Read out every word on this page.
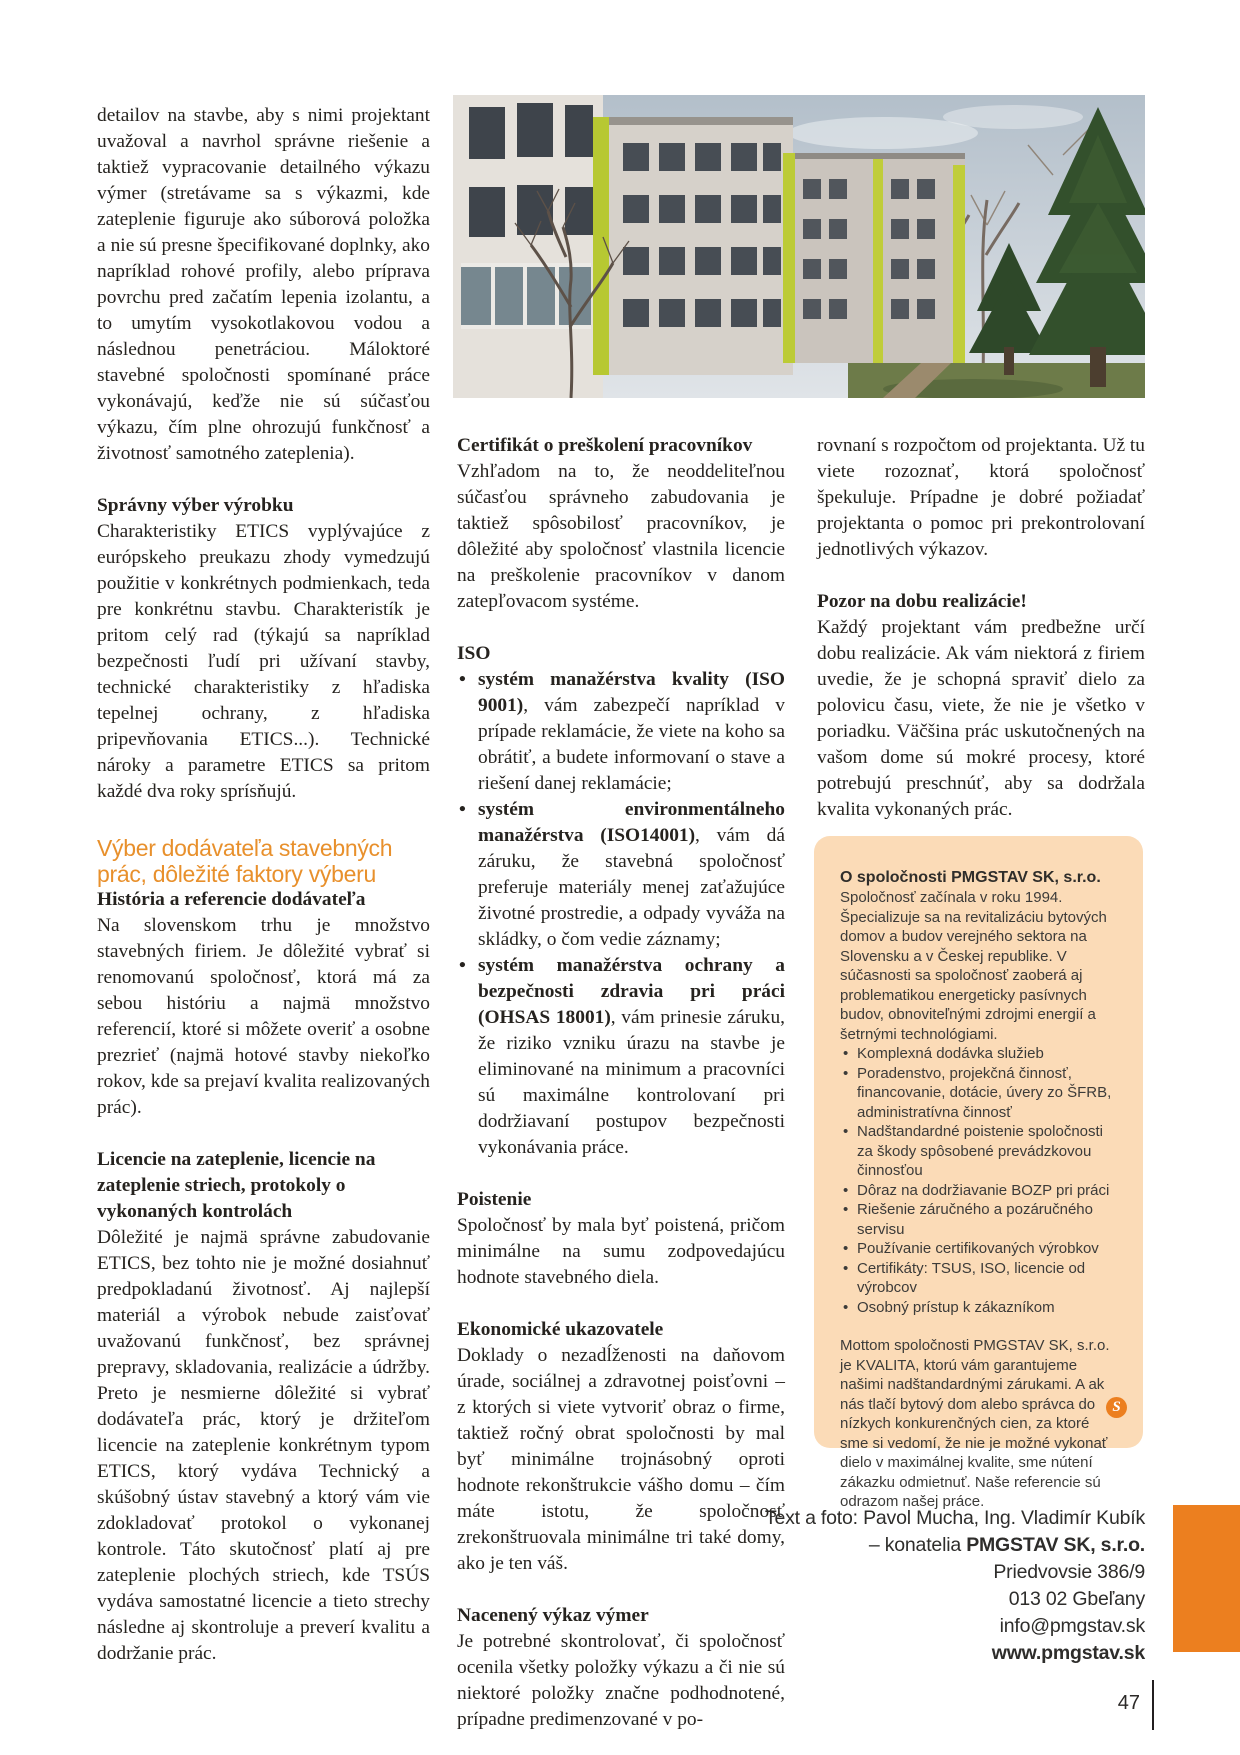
detailov na stavbe, aby s nimi projektant uvažoval a navrhol správne riešenie a taktiež vypracovanie detailného výkazu výmer (stretávame sa s výkazmi, kde zateplenie figuruje ako súborová položka a nie sú presne špecifikované doplnky, ako napríklad rohové profily, alebo príprava povrchu pred začatím lepenia izolantu, a to umytím vysokotlakovou vodou a následnou penetráciou. Máloktoré stavebné spoločnosti spomínané práce vykonávajú, keďže nie sú súčasťou výkazu, čím plne ohrozujú funkčnosť a životnosť samotného zateplenia).

Správny výber výrobku

Charakteristiky ETICS vyplývajúce z európskeho preukazu zhody vymedzujú použitie v konkrétnych podmienkach, teda pre konkrétnu stavbu. Charakteristík je pritom celý rad (týkajú sa napríklad bezpečnosti ľudí pri užívaní stavby, technické charakteristiky z hľadiska tepelnej ochrany, z hľadiska pripevňovania ETICS...). Technické nároky a parametre ETICS sa pritom každé dva roky sprísňujú.

Výber dodávateľa stavebných prác, dôležité faktory výberu
História a referencie dodávateľa

Na slovenskom trhu je množstvo stavebných firiem. Je dôležité vybrať si renomovanú spoločnosť, ktorá má za sebou históriu a najmä množstvo referencií, ktoré si môžete overiť a osobne prezrieť (najmä hotové stavby niekoľko rokov, kde sa prejaví kvalita realizovaných prác).

Licencie na zateplenie, licencie na zateplenie striech, protokoly o vykonaných kontrolách

Dôležité je najmä správne zabudovanie ETICS, bez tohto nie je možné dosiahnuť predpokladanú životnosť. Aj najlepší materiál a výrobok nebude zaisťovať uvažovanú funkčnosť, bez správnej prepravy, skladovania, realizácie a údržby. Preto je nesmierne dôležité si vybrať dodávateľa prác, ktorý je držiteľom licencie na zateplenie konkrétnym typom ETICS, ktorý vydáva Technický a skúšobný ústav stavebný a ktorý vám vie zdokladovať protokol o vykonanej kontrole. Táto skutočnosť platí aj pre zateplenie plochých striech, kde TSÚS vydáva samostatné licencie a tieto strechy následne aj skontroluje a preverí kvalitu a dodržanie prác.

Certifikát o preškolení pracovníkov

Vzhľadom na to, že neoddeliteľnou súčasťou správneho zabudovania je taktiež spôsobilosť pracovníkov, je dôležité aby spoločnosť vlastnila licencie na preškolenie pracovníkov v danom zatepľovacom systéme.

ISO
• systém manažérstva kvality (ISO 9001), vám zabezpečí napríklad v prípade reklamácie, že viete na koho sa obrátiť, a budete informovaní o stave a riešení danej reklamácie;
• systém environmentálneho manažérstva (ISO14001), vám dá záruku, že stavebná spoločnosť preferuje materiály menej zaťažujúce životné prostredie, a odpady vyváža na skládky, o čom vedie záznamy;
• systém manažérstva ochrany a bezpečnosti zdravia pri práci (OHSAS 18001), vám prinesie záruku, že riziko vzniku úrazu na stavbe je eliminované na minimum a pracovníci sú maximálne kontrolovaní pri dodržiavaní postupov bezpečnosti vykonávania práce.
Poistenie

Spoločnosť by mala byť poistená, pričom minimálne na sumu zodpovedajúcu hodnote stavebného diela.

Ekonomické ukazovatele

Doklady o nezadĺženosti na daňovom úrade, sociálnej a zdravotnej poisťovni – z ktorých si viete vytvoriť obraz o firme, taktiež ročný obrat spoločnosti by mal byť minimálne trojnásobný oproti hodnote rekonštrukcie vášho domu – čím máte istotu, že spoločnosť zrekonštruovala minimálne tri také domy, ako je ten váš.

Nacenený výkaz výmer

Je potrebné skontrolovať, či spoločnosť ocenila všetky položky výkazu a či nie sú niektoré položky značne podhodnotené, prípadne predimenzované v po-

rovnaní s rozpočtom od projektanta. Už tu viete rozoznať, ktorá spoločnosť špekuluje. Prípadne je dobré požiadať projektanta o pomoc pri prekontrolovaní jednotlivých výkazov.

Pozor na dobu realizácie!

Každý projektant vám predbežne určí dobu realizácie. Ak vám niektorá z firiem uvedie, že je schopná spraviť dielo za polovicu času, viete, že nie je všetko v poriadku. Väčšina prác uskutočnených na vašom dome sú mokré procesy, ktoré potrebujú preschnúť, aby sa dodržala kvalita vykonaných prác.

O spoločnosti PMGSTAV SK, s.r.o.

Spoločnosť začínala v roku 1994. Špecializuje sa na revitalizáciu bytových domov a budov verejného sektora na Slovensku a v Českej republike. V súčasnosti sa spoločnosť zaoberá aj problematikou energeticky pasívnych budov, obnoviteľnými zdrojmi energií a šetrnými technológiami.

• Komplexná dodávka služieb
• Poradenstvo, projekčná činnosť, financovanie, dotácie, úvery zo ŠFRB, administratívna činnosť
• Nadštandardné poistenie spoločnosti za škody spôsobené prevádzkovou činnosťou
• Dôraz na dodržiavanie BOZP pri práci
• Riešenie záručného a pozáručného servisu
• Používanie certifikovaných výrobkov
• Certifikáty: TSUS, ISO, licencie od výrobcov
• Osobný prístup k zákazníkom

Mottom spoločnosti PMGSTAV SK, s.r.o. je KVALITA, ktorú vám garantujeme našimi nadštandardnými zárukami. A ak nás tlačí bytový dom alebo správca do nízkych konkurenčných cien, za ktoré sme si vedomí, že nie je možné vykonať dielo v maximálnej kvalite, sme nútení zákazku odmietnuť. Naše referencie sú odrazom našej práce.

S
Text a foto: Pavol Mucha, Ing. Vladimír Kubík
– konatelia PMGSTAV SK, s.r.o.
Priedvovsie 386/9
013 02 Gbeľany
info@pmgstav.sk
www.pmgstav.sk
47
